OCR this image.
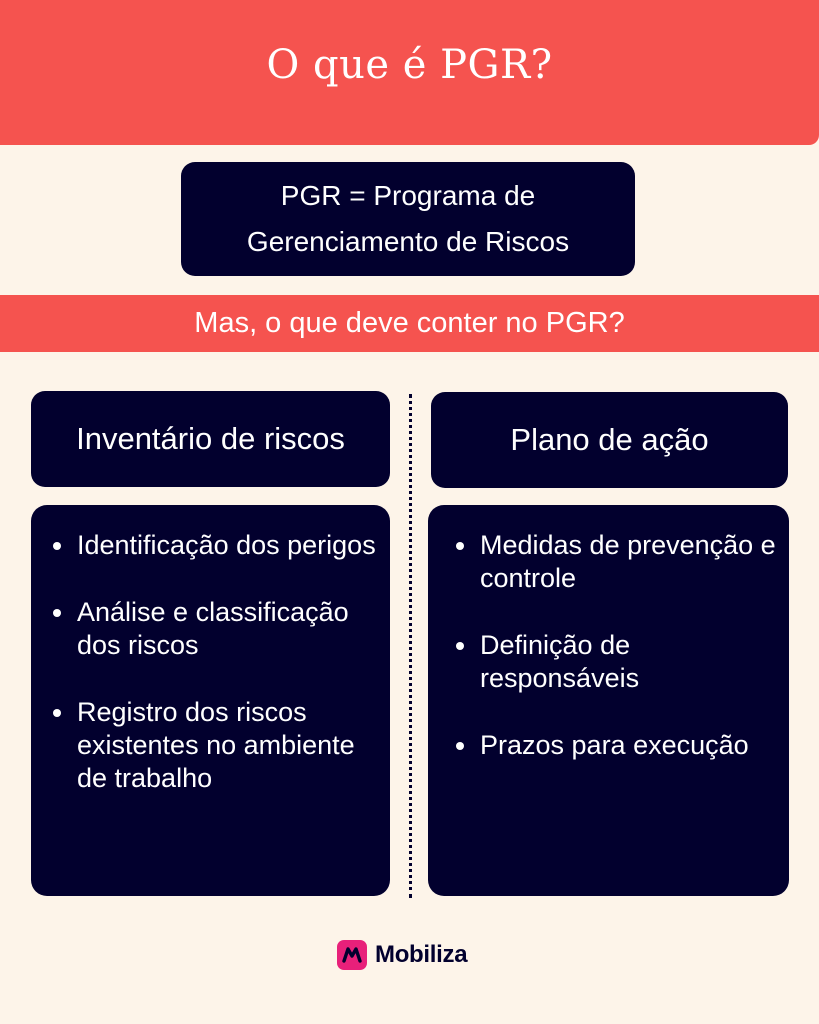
O que é PGR?
PGR = Programa de
Gerenciamento de Riscos
Mas, o que deve conter no PGR?
Inventário de riscos	Plano de ação
Identificação dos perigos
Análise e classificação dos riscos
Registro dos riscos existentes no ambiente de trabalho
Medidas de prevenção e controle
Definição de responsáveis
Prazos para execução
Mobiliza
